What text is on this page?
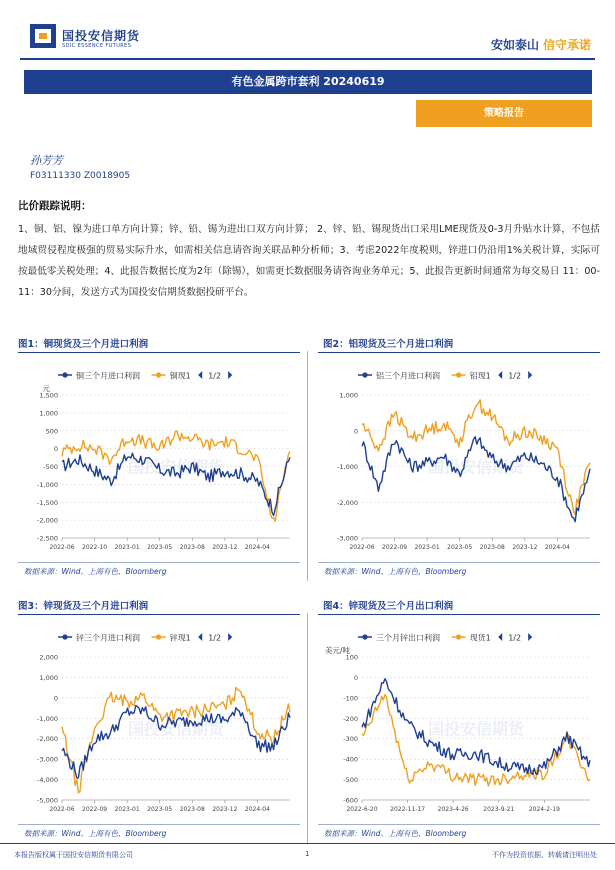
国投安信期货
SDIC ESSENCE FUTURES	安如泰山 信守承诺
有色金属跨市套利 20240619
策略报告
孙芳芳
F03111330 Z0018905
比价跟踪说明：
1、铜、铝、镍为进口单方向计算；锌、铅、锡为进出口双方向计算； 2、锌、铅、锡现货出口采用LME现货及0-3月升贴水计算，不包括地域贸侵程度极强的贸易实际升水，如需相关信息请咨询关联品种分析师；3、考虑2022年度税则，锌进口仍沿用1%关税计算，实际可按最低零关税处理；4、此报告数据长度为2年（除锡），如需更长数据服务请咨询业务单元；5、此报告更新时间通常为每交易日 11：00-11：30分间，发送方式为国投安信期货数据投研平台。
图1：铜现货及三个月进口利润
国投安信期货
铜三个月进口利润	铜现1 1/2
元
1,500
1,000
500
0
-500
-1,000
-1,500
-2,000
-2,500
2022-06 2022-10 2023-01 2023-05 2023-08 2023-12 2024-04
数据来源：Wind、上海有色，Bloomberg
图2：铝现货及三个月进口利润
国投安信期货
铝三个月进口利润	铝现1 1/2
1,000
0
-1,000
-2,000
-3,000
2022-06 2022-09 2023-01 2023-05 2023-08 2023-12 2024-04
数据来源：Wind、上海有色，Bloomberg
图3：锌现货及三个月进口利润
国投安信期货
锌三个月进口利润	锌现1 1/2
2,000
1,000
0
-1,000
-2,000
-3,000
-4,000
-5,000
2022-06 2022-09 2023-01 2023-05 2023-08 2023-12 2024-04
数据来源：Wind、上海有色，Bloomberg
图4：锌现货及三个月出口利润
国投安信期货
三个月锌出口利润	现货1 1/2
美元/吨
100
0
-100
-200
-300
-400
-500
-600
2022-6-20 2022-11-17 2023-4-26 2023-9-21 2024-2-19
数据来源：Wind、上海有色，Bloomberg
本报告版权属于国投安信期货有限公司	1	不作为投资依据，转载请注明出处
